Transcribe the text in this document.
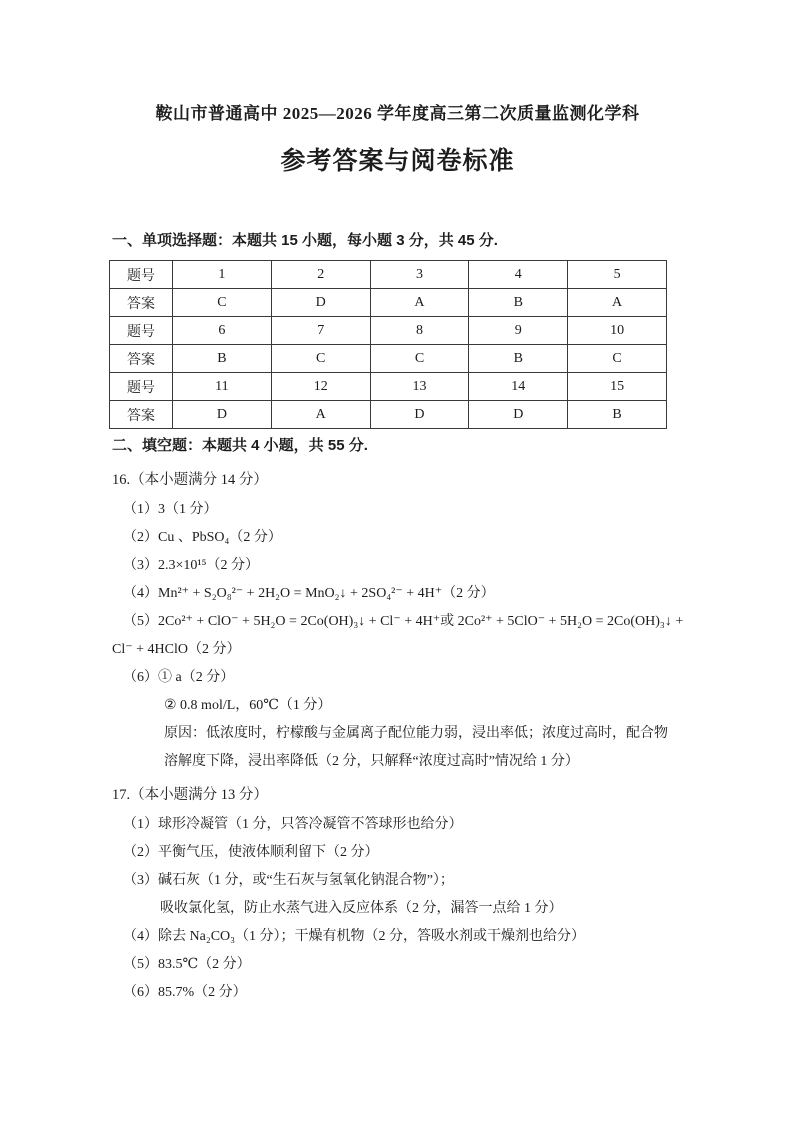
鞍山市普通高中 2025—2026 学年度高三第二次质量监测化学科
参考答案与阅卷标准
一、单项选择题：本题共 15 小题，每小题 3 分，共 45 分.
题号	1	2	3	4	5
答案	C	D	A	B	A
题号	6	7	8	9	10
答案	B	C	C	B	C
题号	11	12	13	14	15
答案	D	A	D	D	B
二、填空题：本题共 4 小题，共 55 分.
16.（本小题满分 14 分）
（1）3（1 分）
（2）Cu 、PbSO₄（2 分）
（3）2.3×10¹⁵（2 分）
（4）Mn²⁺ + S₂O₈²⁻ + 2H₂O = MnO₂↓ + 2SO₄²⁻ + 4H⁺（2 分）
（5）2Co²⁺ + ClO⁻ + 5H₂O = 2Co(OH)₃↓ + Cl⁻ + 4H⁺或 2Co²⁺ + 5ClO⁻ + 5H₂O = 2Co(OH)₃↓ +
Cl⁻ + 4HClO（2 分）
（6）① a（2 分）
② 0.8 mol/L，60℃（1 分）
原因：低浓度时，柠檬酸与金属离子配位能力弱，浸出率低；浓度过高时，配合物
溶解度下降，浸出率降低（2 分，只解释“浓度过高时”情况给 1 分）
17.（本小题满分 13 分）
（1）球形冷凝管（1 分，只答冷凝管不答球形也给分）
（2）平衡气压，使液体顺利留下（2 分）
（3）碱石灰（1 分，或“生石灰与氢氧化钠混合物”）；
吸收氯化氢，防止水蒸气进入反应体系（2 分，漏答一点给 1 分）
（4）除去 Na₂CO₃（1 分）；干燥有机物（2 分，答吸水剂或干燥剂也给分）
（5）83.5℃（2 分）
（6）85.7%（2 分）
